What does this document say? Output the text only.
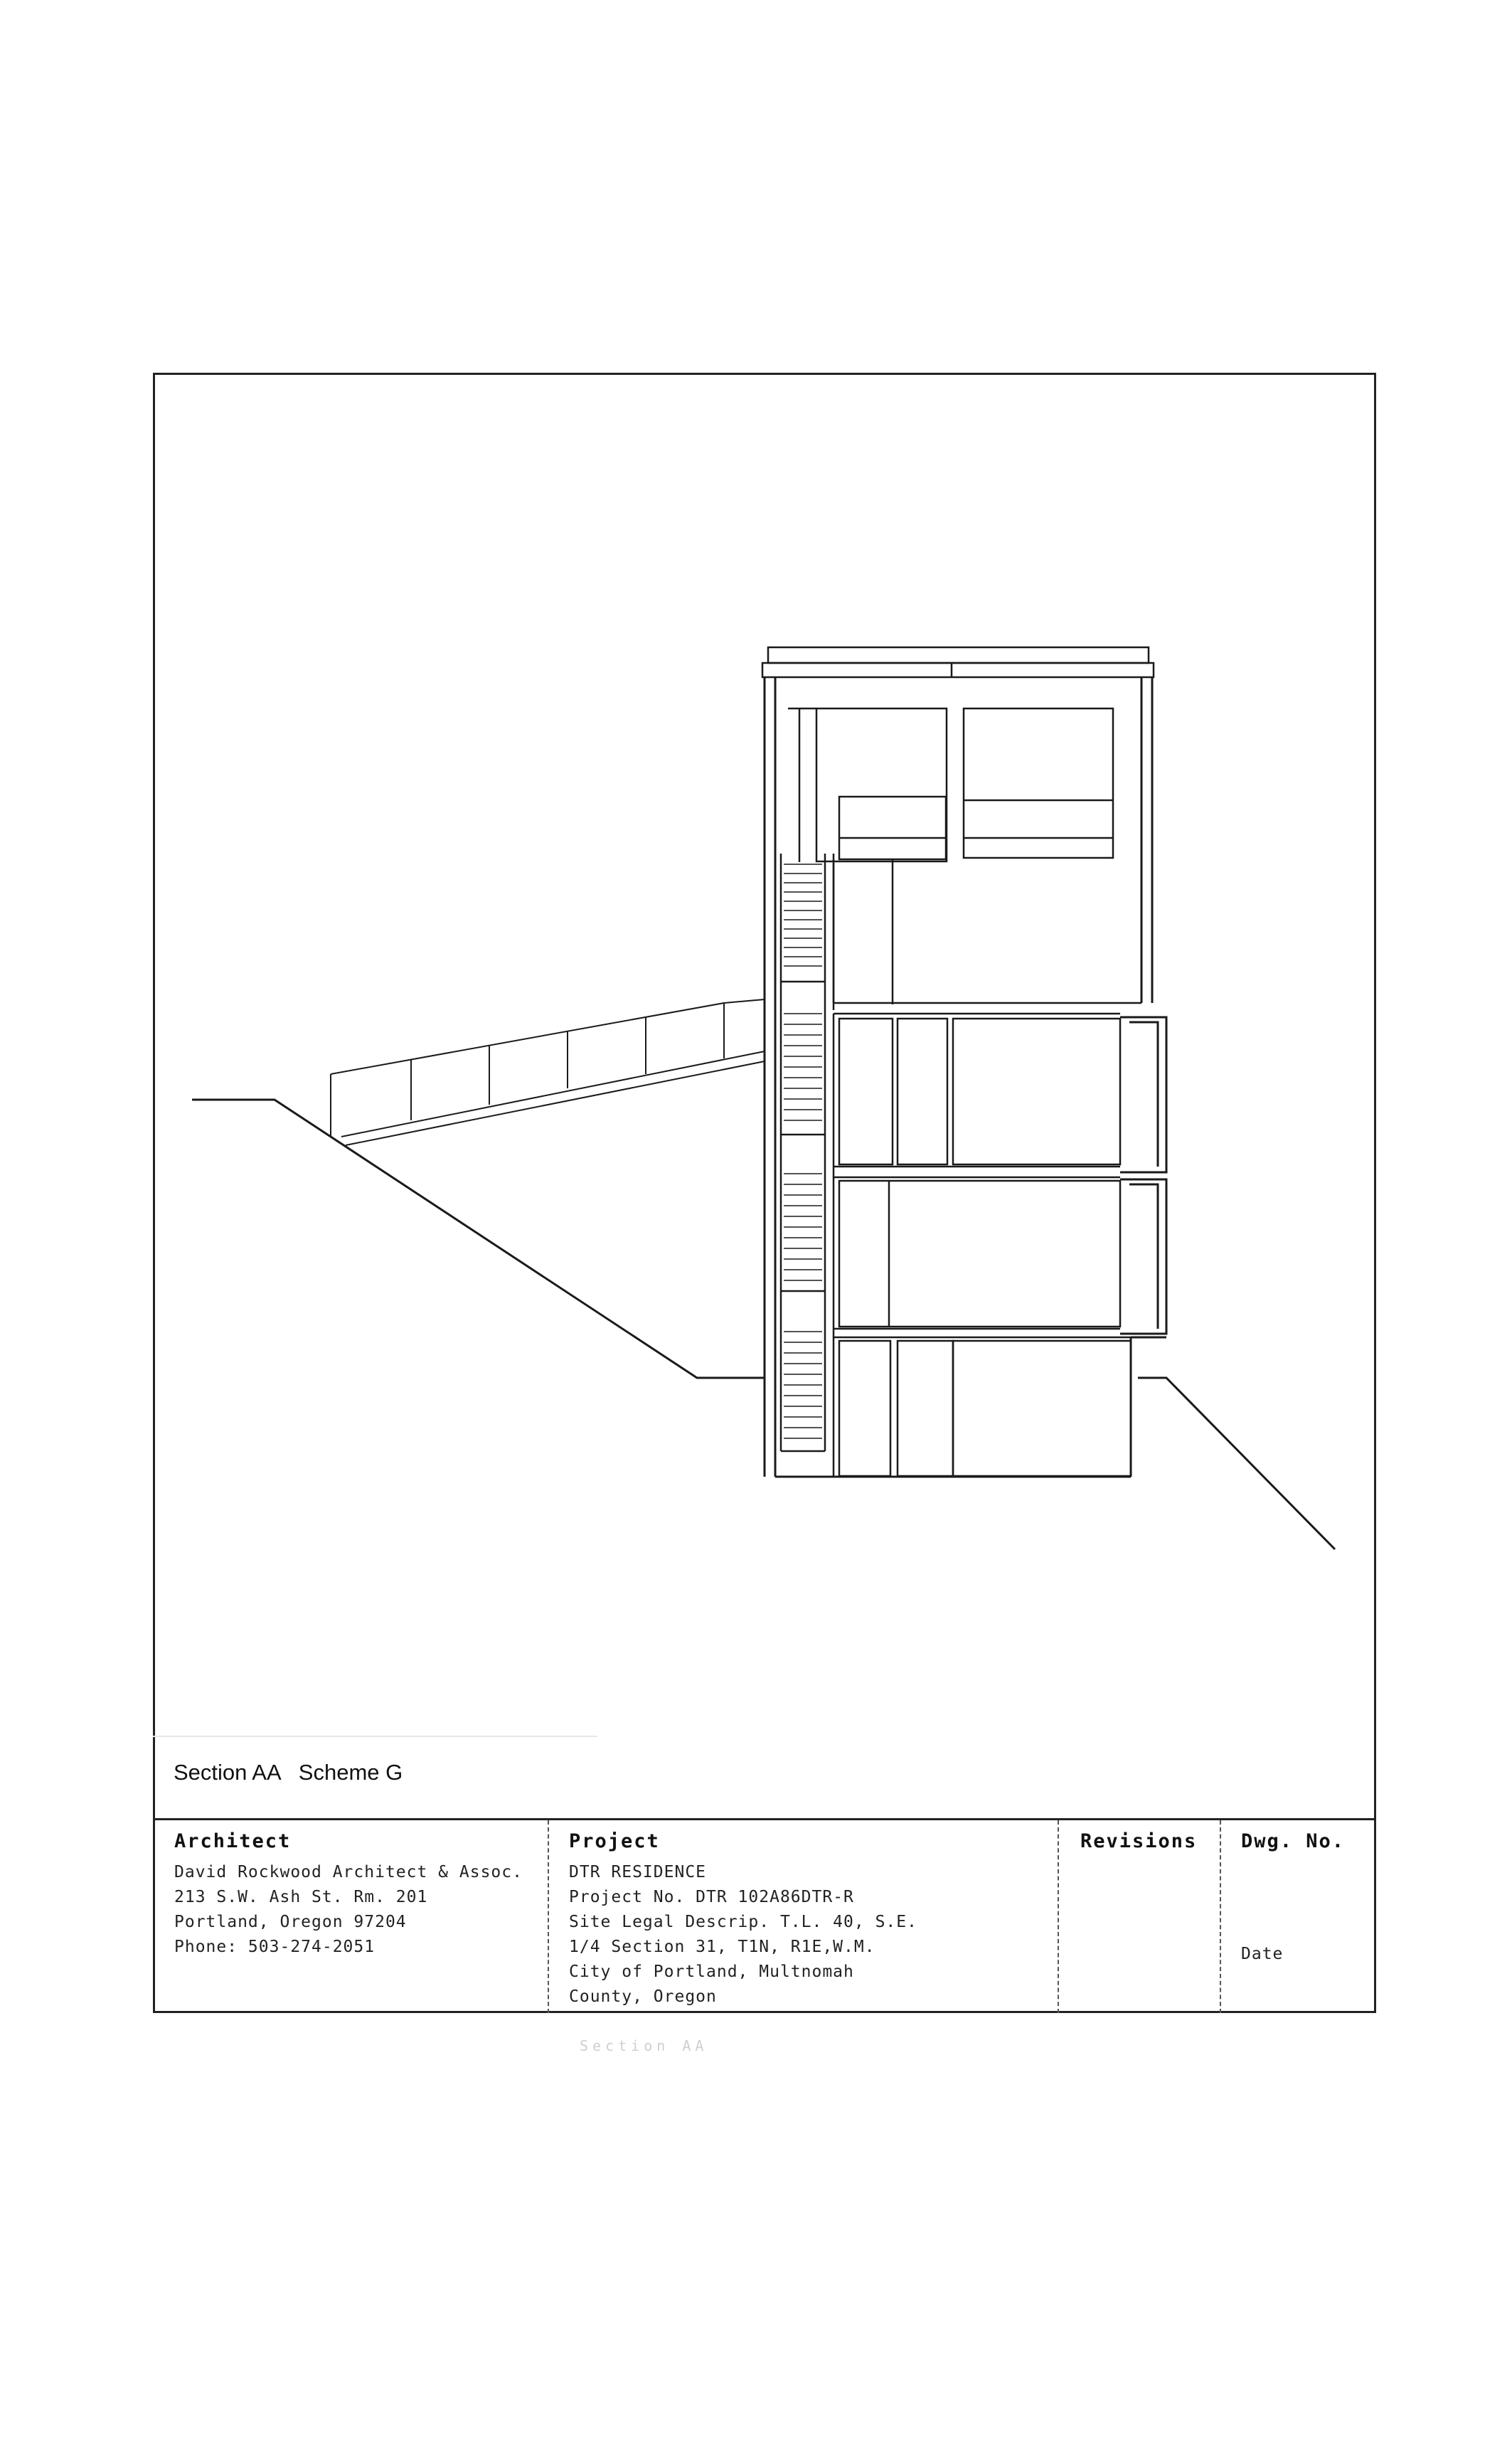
Section AA   Scheme G
Architect
David Rockwood Architect & Assoc.
213 S.W. Ash St. Rm. 201
Portland, Oregon 97204
Phone: 503-274-2051
Project
DTR RESIDENCE
Project No. DTR 102A86DTR-R
Site Legal Descrip. T.L. 40, S.E.
1/4 Section 31, T1N, R1E,W.M.
City of Portland, Multnomah
County, Oregon
Revisions Dwg. No.
Date
Section AA
